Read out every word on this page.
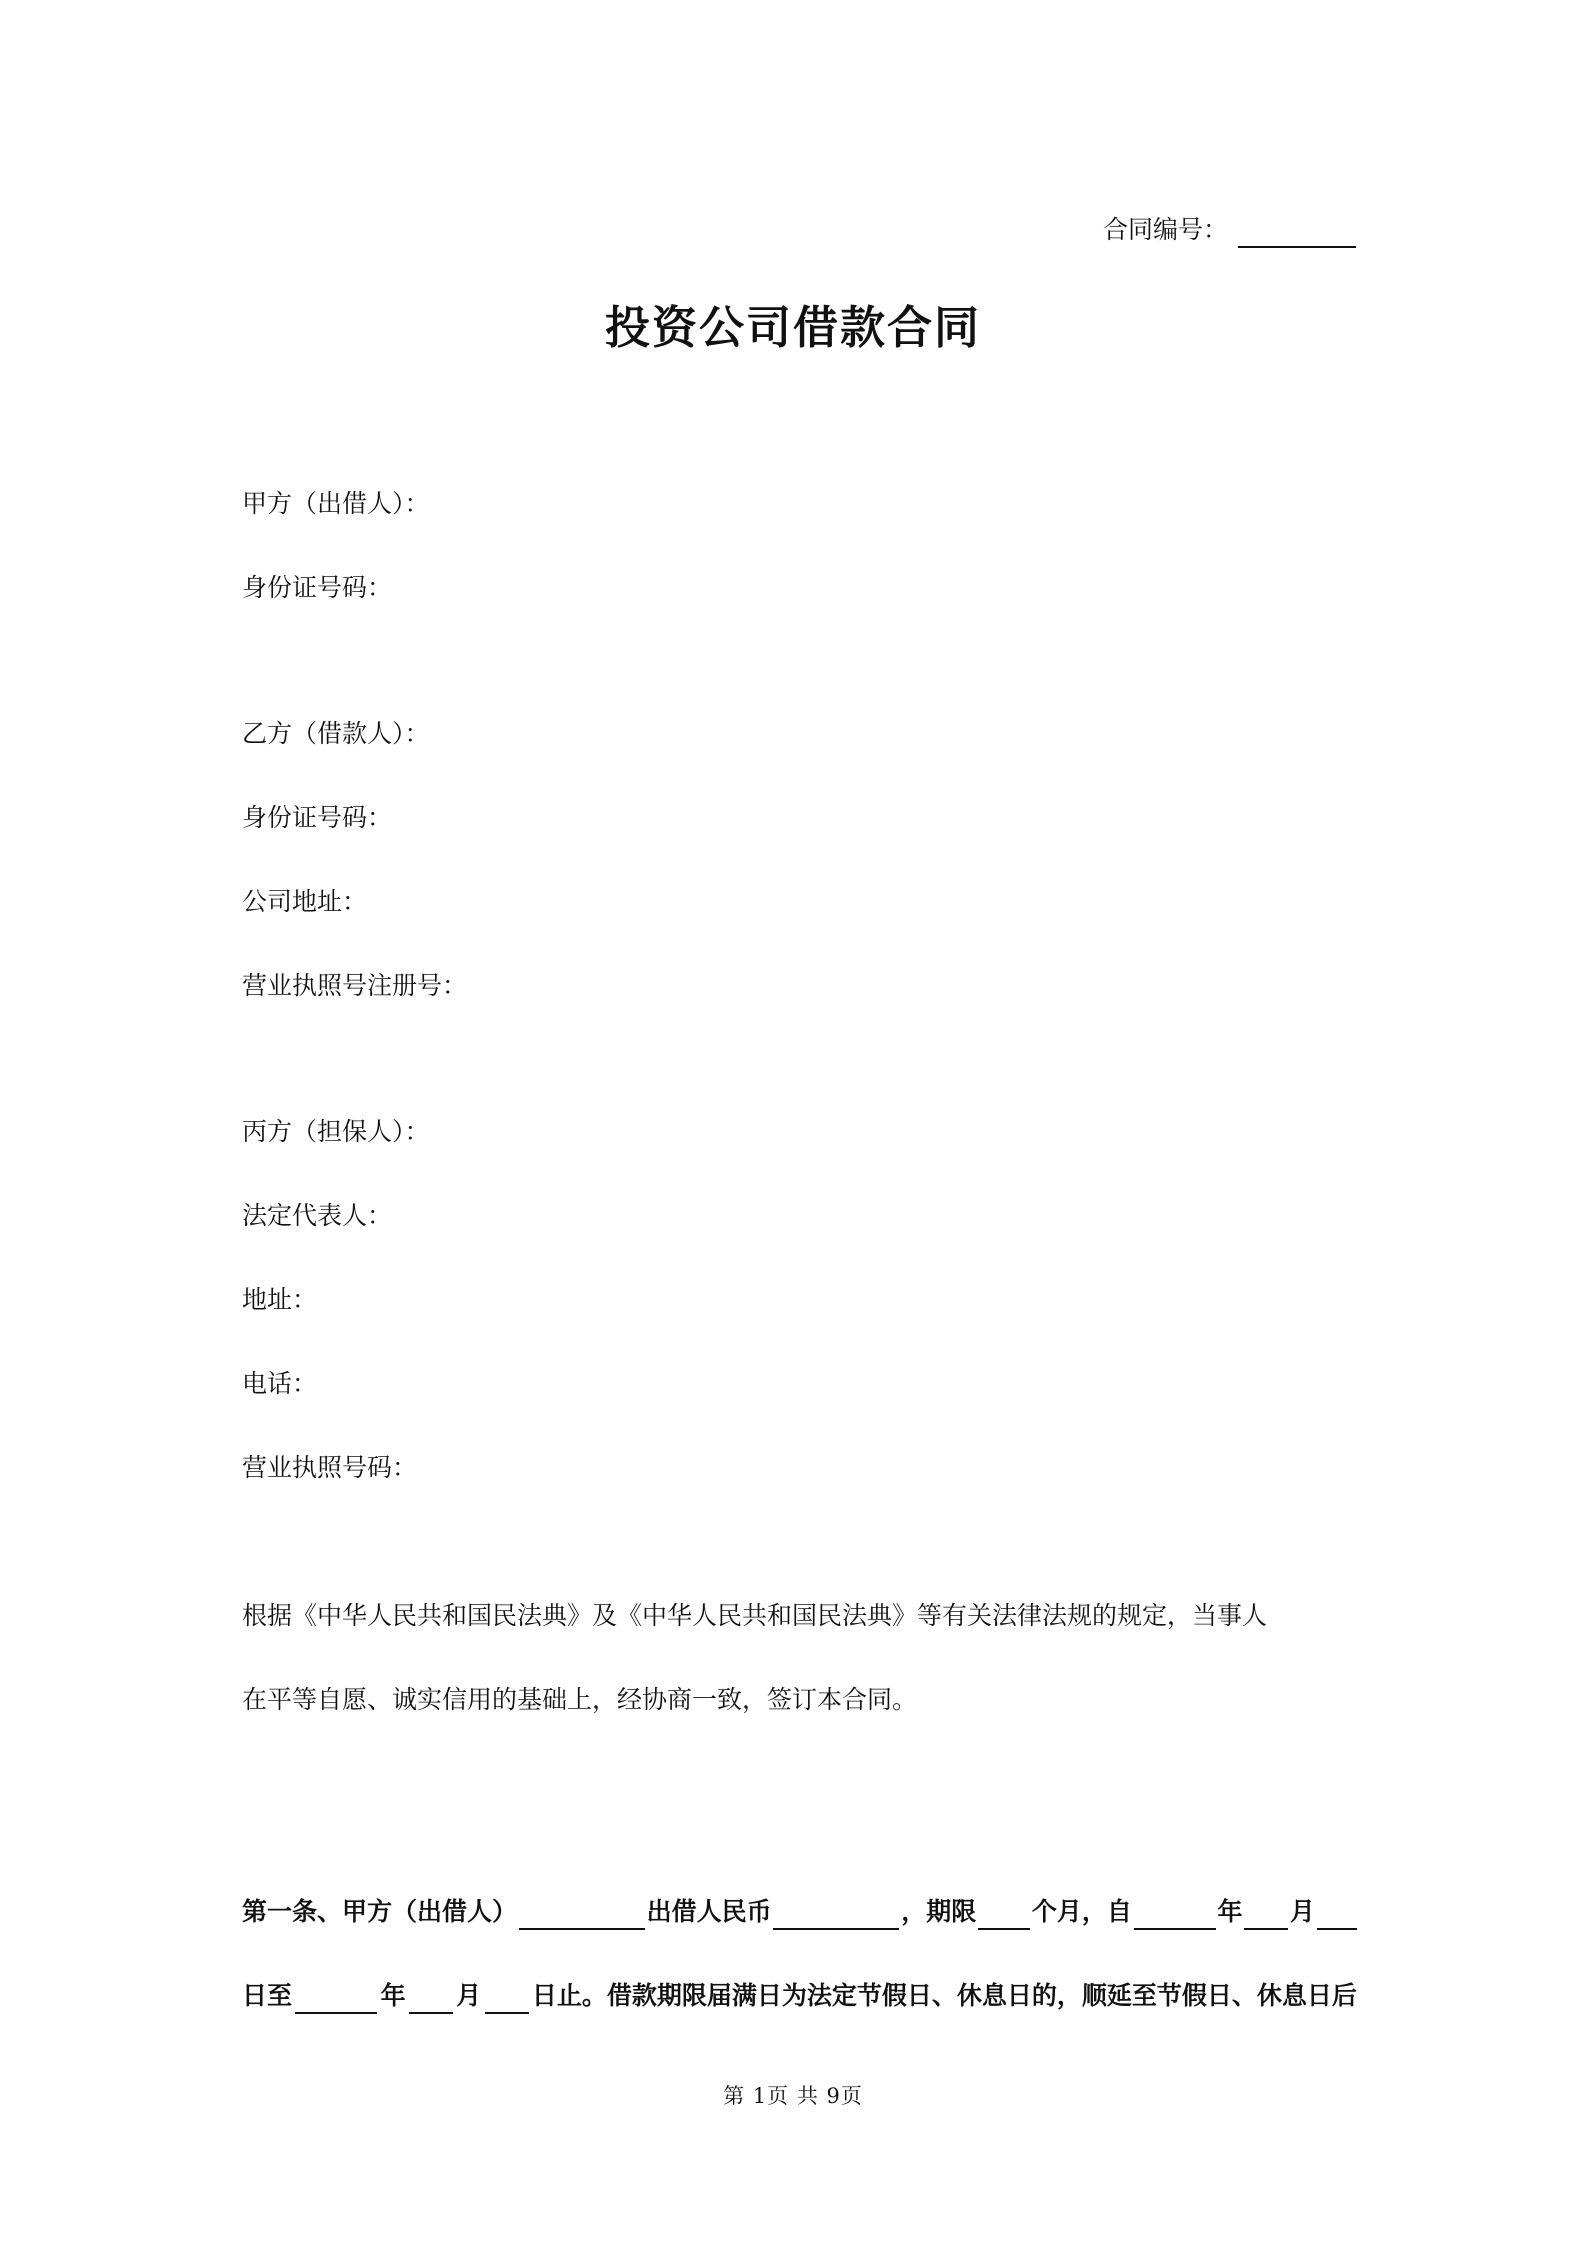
合同编号：
投资公司借款合同
甲方（出借人）：
身份证号码：
乙方（借款人）：
身份证号码：
公司地址：
营业执照号注册号：
丙方（担保人）：
法定代表人：
地址：
电话：
营业执照号码：
根据《中华人民共和国民法典》及《中华人民共和国民法典》等有关法律法规的规定，当事人
在平等自愿、诚实信用的基础上，经协商一致，签订本合同。
第一条、甲方（出借人）	出借人民币	，期限 个月，自	年 月
日至	年 月 日止。借款期限届满日为法定节假日、休息日的，顺延至节假日、休息日后
第 1页 共 9页
